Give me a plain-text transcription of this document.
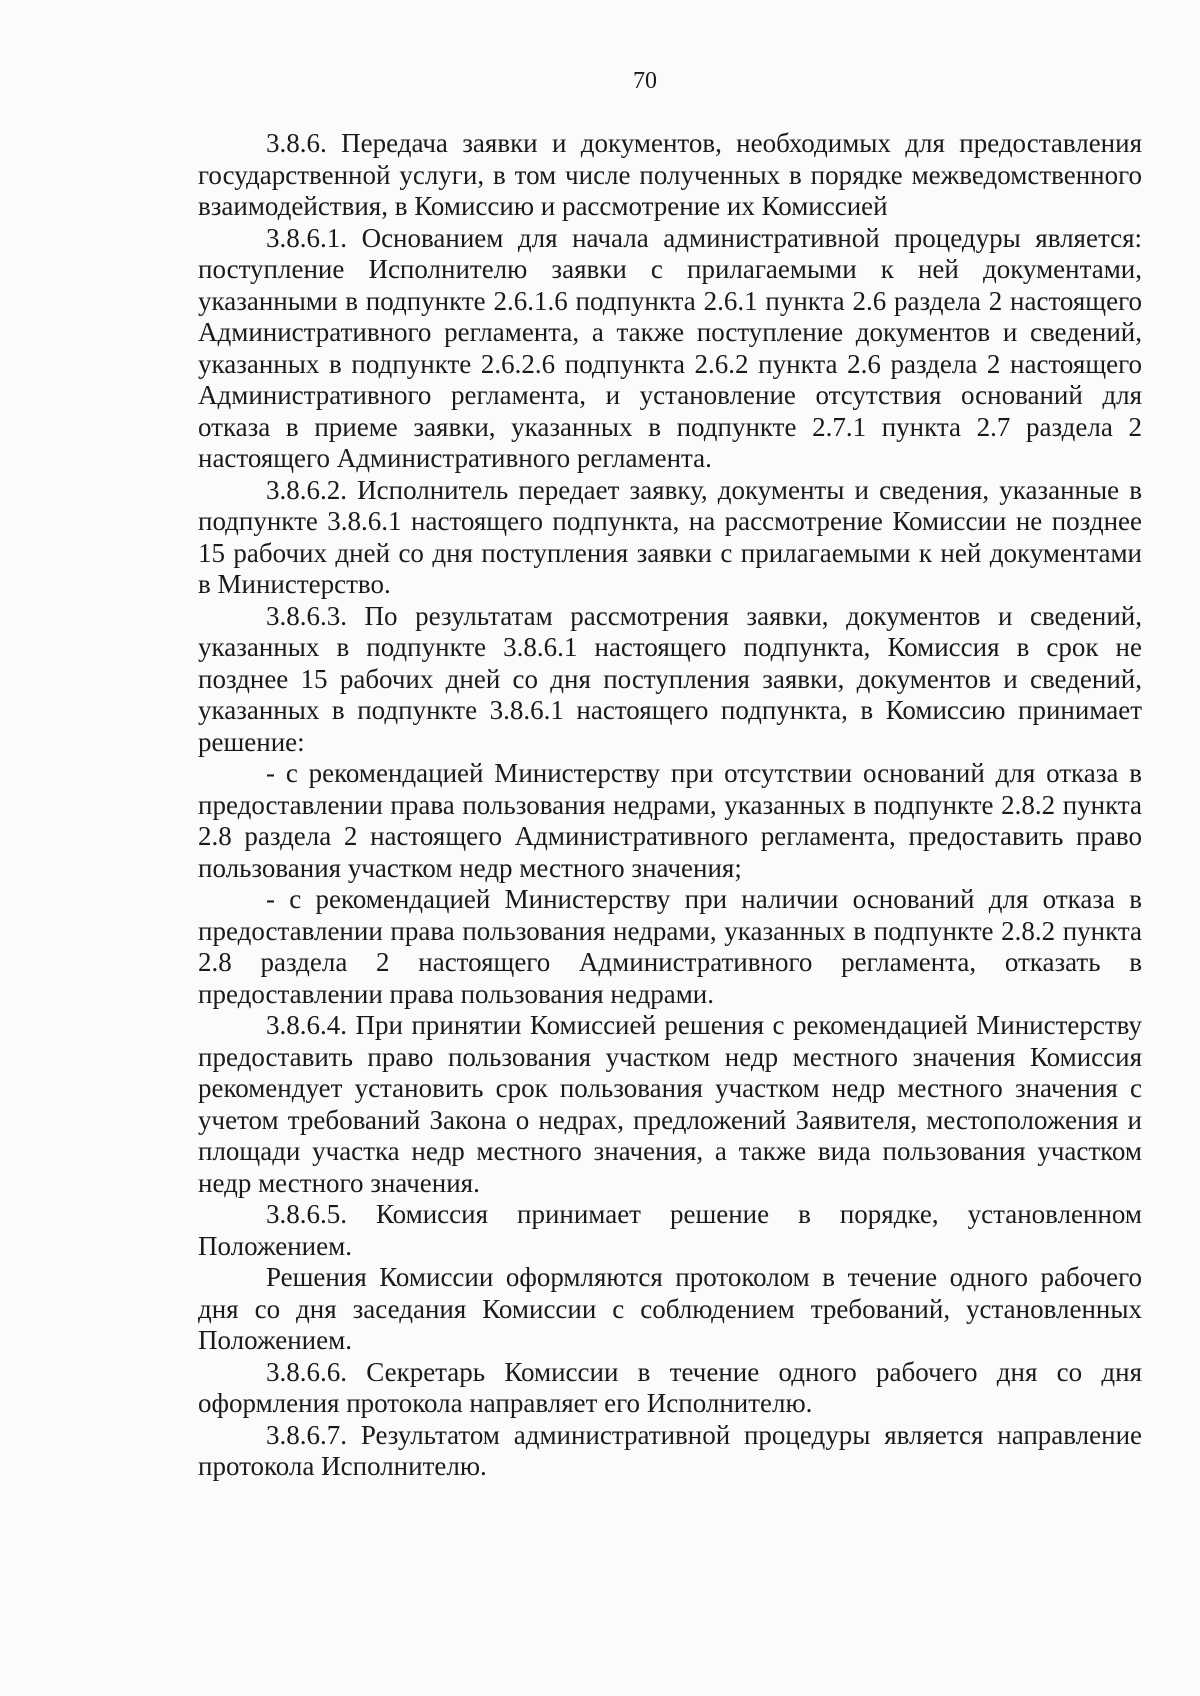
70

3.8.6. Передача заявки и документов, необходимых для предоставления государственной услуги, в том числе полученных в порядке межведомственного взаимодействия, в Комиссию и рассмотрение их Комиссией

3.8.6.1. Основанием для начала административной процедуры является: поступление Исполнителю заявки с прилагаемыми к ней документами, указанными в подпункте 2.6.1.6 подпункта 2.6.1 пункта 2.6 раздела 2 настоящего Административного регламента, а также поступление документов и сведений, указанных в подпункте 2.6.2.6 подпункта 2.6.2 пункта 2.6 раздела 2 настоящего Административного регламента, и установление отсутствия оснований для отказа в приеме заявки, указанных в подпункте 2.7.1 пункта 2.7 раздела 2 настоящего Административного регламента.

3.8.6.2. Исполнитель передает заявку, документы и сведения, указанные в подпункте 3.8.6.1 настоящего подпункта, на рассмотрение Комиссии не позднее 15 рабочих дней со дня поступления заявки с прилагаемыми к ней документами в Министерство.

3.8.6.3. По результатам рассмотрения заявки, документов и сведений, указанных в подпункте 3.8.6.1 настоящего подпункта, Комиссия в срок не позднее 15 рабочих дней со дня поступления заявки, документов и сведений, указанных в подпункте 3.8.6.1 настоящего подпункта, в Комиссию принимает решение:

- с рекомендацией Министерству при отсутствии оснований для отказа в предоставлении права пользования недрами, указанных в подпункте 2.8.2 пункта 2.8 раздела 2 настоящего Административного регламента, предоставить право пользования участком недр местного значения;

- с рекомендацией Министерству при наличии оснований для отказа в предоставлении права пользования недрами, указанных в подпункте 2.8.2 пункта 2.8 раздела 2 настоящего Административного регламента, отказать в предоставлении права пользования недрами.

3.8.6.4. При принятии Комиссией решения с рекомендацией Министерству предоставить право пользования участком недр местного значения Комиссия рекомендует установить срок пользования участком недр местного значения с учетом требований Закона о недрах, предложений Заявителя, местоположения и площади участка недр местного значения, а также вида пользования участком недр местного значения.

3.8.6.5. Комиссия принимает решение в порядке, установленном Положением.

Решения Комиссии оформляются протоколом в течение одного рабочего дня со дня заседания Комиссии с соблюдением требований, установленных Положением.

3.8.6.6. Секретарь Комиссии в течение одного рабочего дня со дня оформления протокола направляет его Исполнителю.

3.8.6.7. Результатом административной процедуры является направление протокола Исполнителю.
